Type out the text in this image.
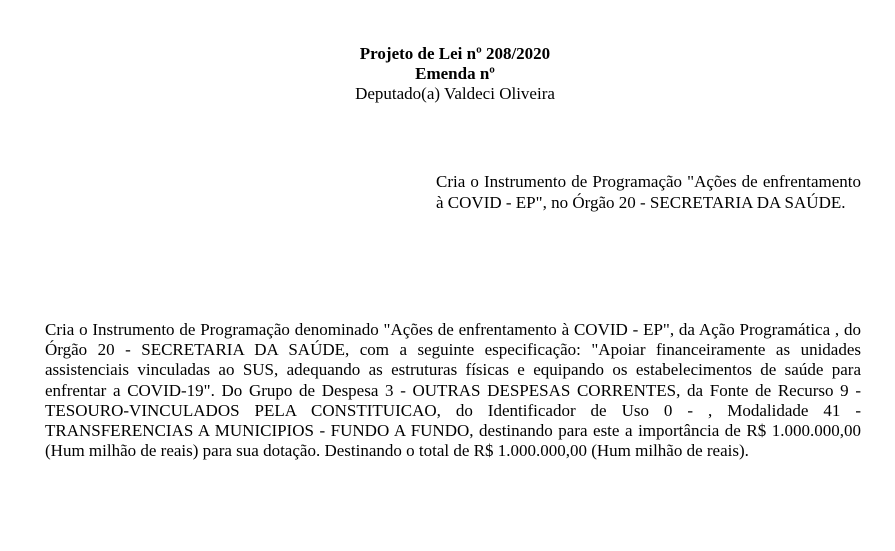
Projeto de Lei nº 208/2020
Emenda nº
Deputado(a) Valdeci Oliveira
Cria o Instrumento de Programação "Ações de enfrentamento à COVID - EP", no Órgão 20 - SECRETARIA DA SAÚDE.
Cria o Instrumento de Programação denominado "Ações de enfrentamento à COVID - EP", da Ação Programática , do Órgão 20 - SECRETARIA DA SAÚDE, com a seguinte especificação: "Apoiar financeiramente as unidades assistenciais vinculadas ao SUS, adequando as estruturas físicas e equipando os estabelecimentos de saúde para enfrentar a COVID-19". Do Grupo de Despesa 3 - OUTRAS DESPESAS CORRENTES, da Fonte de Recurso 9 - TESOURO-VINCULADOS PELA CONSTITUICAO, do Identificador de Uso 0 - , Modalidade 41 - TRANSFERENCIAS A MUNICIPIOS - FUNDO A FUNDO, destinando para este a importância de R$ 1.000.000,00 (Hum milhão de reais) para sua dotação. Destinando o total de R$ 1.000.000,00 (Hum milhão de reais).
